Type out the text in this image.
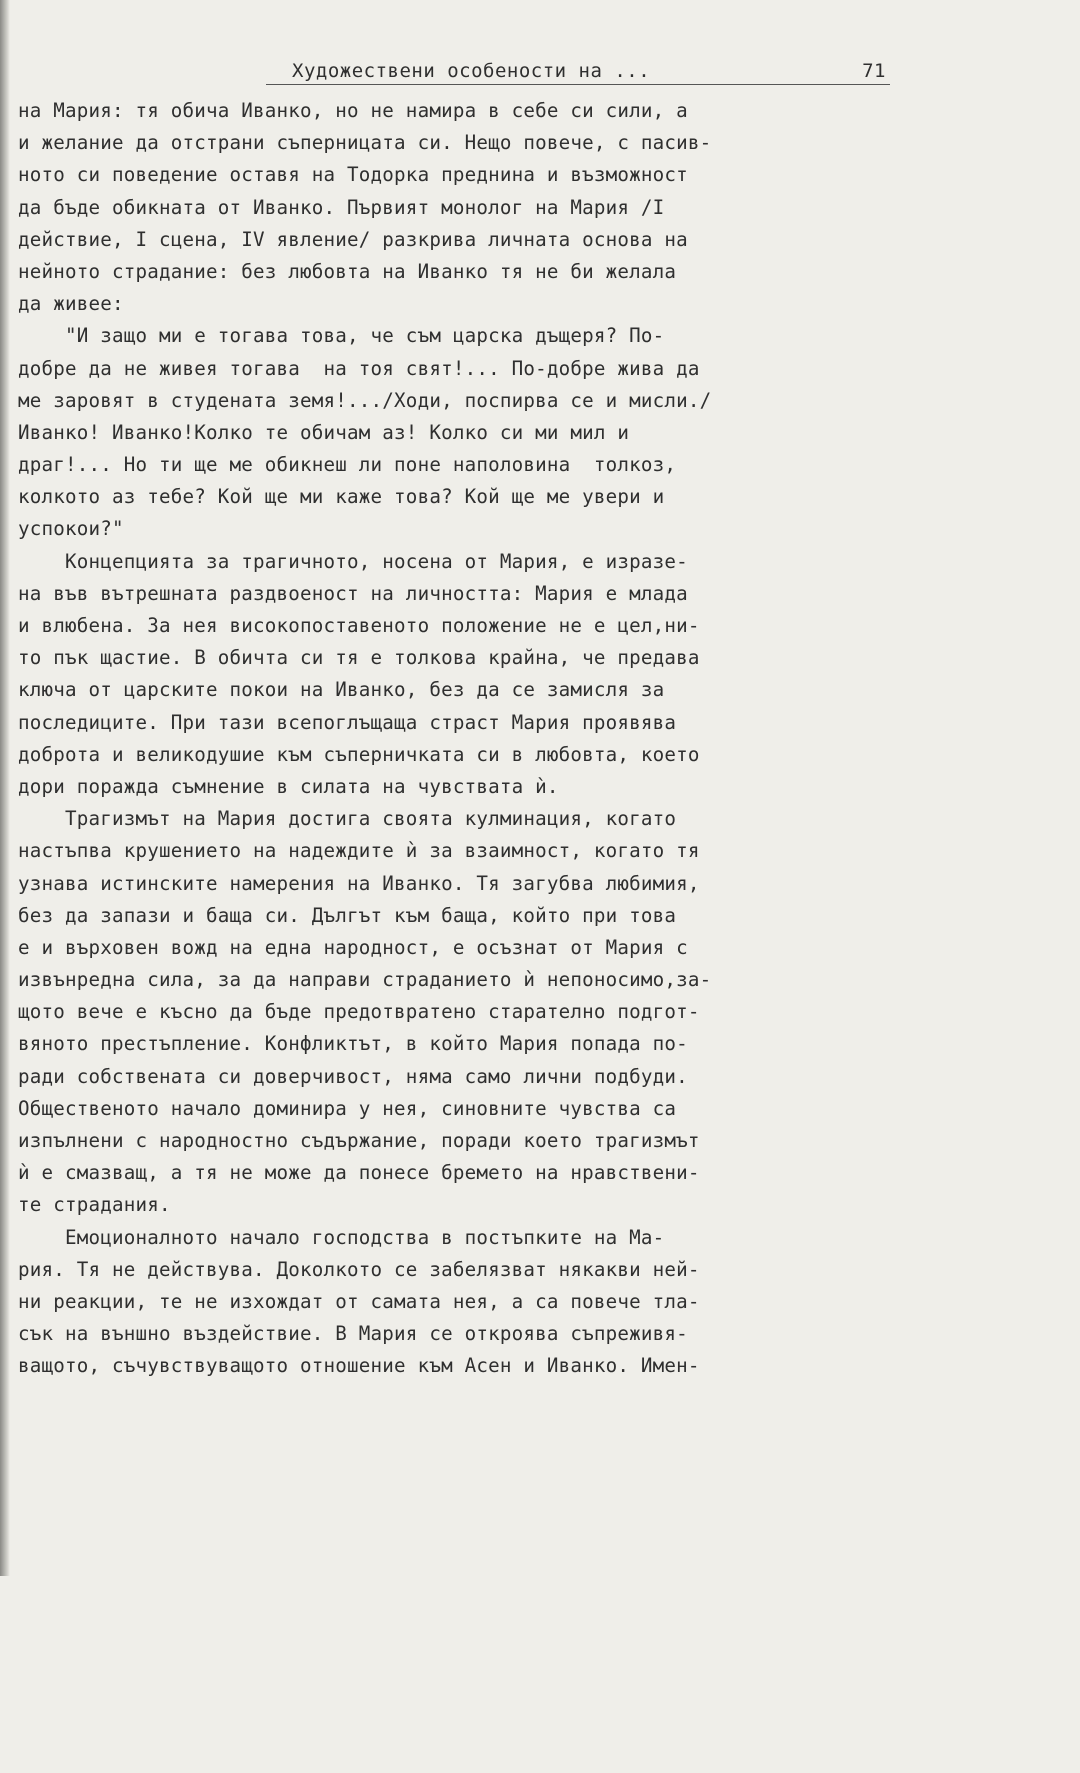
Художествени особености на ...	71
на Мария: тя обича Иванко, но не намира в себе си сили, а
и желание да отстрани съперницата си. Нещо повече, с пасив-
ното си поведение оставя на Тодорка преднина и възможност
да бъде обикната от Иванко. Първият монолог на Мария /I
действие, I сцена, IV явление/ разкрива личната основа на
нейното страдание: без любовта на Иванко тя не би желала
да живее:
"И защо ми е тогава това, че съм царска дъщеря? По-
добре да не живея тогава  на тоя свят!... По-добре жива да
ме заровят в студената земя!.../Ходи, поспирва се и мисли./
Иванко! Иванко!Колко те обичам аз! Колко си ми мил и
драг!... Но ти ще ме обикнеш ли поне наполовина  толкоз,
колкото аз тебе? Кой ще ми каже това? Кой ще ме увери и
успокои?"
Концепцията за трагичното, носена от Мария, е изразе-
на във вътрешната раздвоеност на личността: Мария е млада
и влюбена. За нея високопоставеното положение не е цел,ни-
то пък щастие. В обичта си тя е толкова крайна, че предава
ключа от царските покои на Иванко, без да се замисля за
последиците. При тази всепоглъщаща страст Мария проявява
доброта и великодушие към съперничката си в любовта, което
дори поражда съмнение в силата на чувствата ѝ.
Трагизмът на Мария достига своята кулминация, когато
настъпва крушението на надеждите ѝ за взаимност, когато тя
узнава истинските намерения на Иванко. Тя загубва любимия,
без да запази и баща си. Дългът към баща, който при това
е и върховен вожд на една народност, е осъзнат от Мария с
извънредна сила, за да направи страданието ѝ непоносимо,за-
щото вече е късно да бъде предотвратено старателно подгот-
вяното престъпление. Конфликтът, в който Мария попада по-
ради собствената си доверчивост, няма само лични подбуди.
Общественото начало доминира у нея, синовните чувства са
изпълнени с народностно съдържание, поради което трагизмът
ѝ е смазващ, а тя не може да понесе бремето на нравствени-
те страдания.
Емоционалното начало господства в постъпките на Ма-
рия. Тя не действува. Доколкото се забелязват някакви ней-
ни реакции, те не изхождат от самата нея, а са повече тла-
сък на външно въздействие. В Мария се откроява съпреживя-
ващото, съчувствуващото отношение към Асен и Иванко. Имен-
